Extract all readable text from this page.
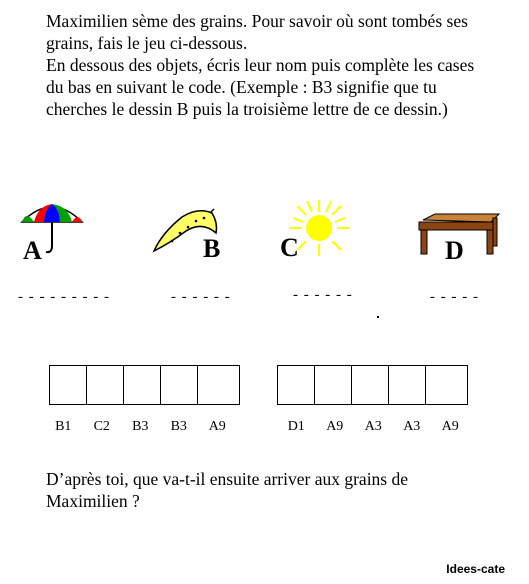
Maximilien sème des grains. Pour savoir où sont tombés ses grains, fais le jeu ci-dessous.

En dessous des objets, écris leur nom puis complète les cases du bas en suivant le code. (Exemple : B3 signifie que tu cherches le dessin B puis la troisième lettre de ce dessin.)

A	B C	D
- - - - - - - - -	- - - - - -	- - - - - -	- - - - -
B1	C2	B3	B3	A9	D1	A9	A3	A3	A9
D’après toi, que va-t-il ensuite arriver aux grains de Maximilien ?
Idees-cate
